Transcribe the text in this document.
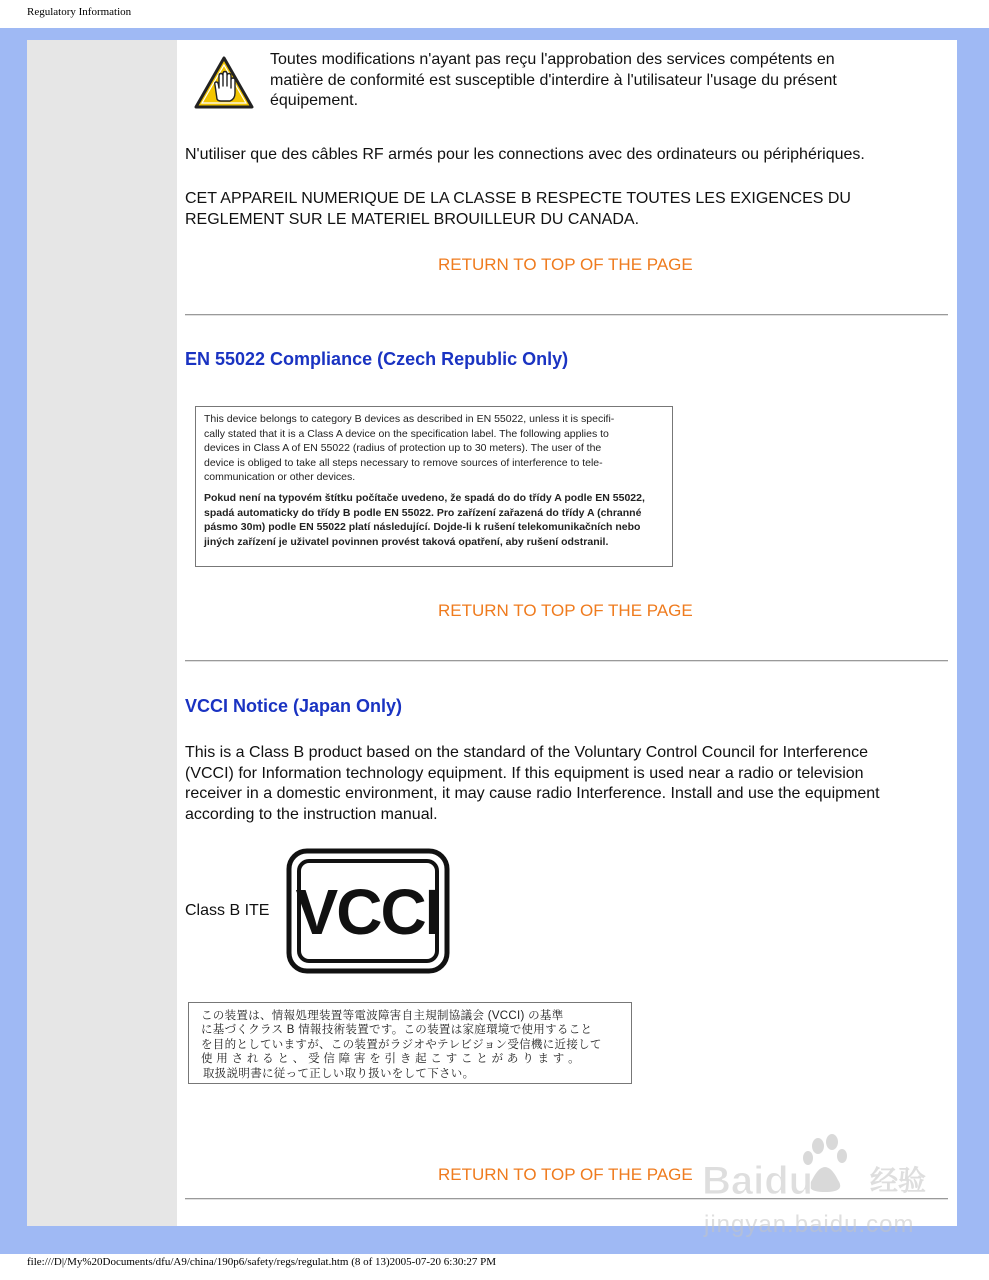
Regulatory Information
Toutes modifications n'ayant pas reçu l'approbation des services compétents en
matière de conformité est susceptible d'interdire à l'utilisateur l'usage du présent
équipement.
N'utiliser que des câbles RF armés pour les connections avec des ordinateurs ou périphériques.
CET APPAREIL NUMERIQUE DE LA CLASSE B RESPECTE TOUTES LES EXIGENCES DU
REGLEMENT SUR LE MATERIEL BROUILLEUR DU CANADA.
RETURN TO TOP OF THE PAGE
EN 55022 Compliance (Czech Republic Only)
This device belongs to category B devices as described in EN 55022, unless it is specifi-
cally stated that it is a Class A device on the specification label. The following applies to
devices in Class A of EN 55022 (radius of protection up to 30 meters). The user of the
device is obliged to take all steps necessary to remove sources of interference to tele-
communication or other devices.
Pokud není na typovém štítku počítače uvedeno, že spadá do do třídy A podle EN 55022,
spadá automaticky do třídy B podle EN 55022. Pro zařízení zařazená do třídy A (chranné
pásmo 30m) podle EN 55022 platí následující. Dojde-li k rušení telekomunikačních nebo
jiných zařízení je uživatel povinnen provést taková opatření, aby rušení odstranil.
RETURN TO TOP OF THE PAGE
VCCI Notice (Japan Only)
This is a Class B product based on the standard of the Voluntary Control Council for Interference
(VCCI) for Information technology equipment. If this equipment is used near a radio or television
receiver in a domestic environment, it may cause radio Interference. Install and use the equipment
according to the instruction manual.
Class B ITE VCCI
この装置は、情報処理装置等電波障害自主規制協議会 (VCCI) の基準
に基づくクラス B 情報技術装置です。この装置は家庭環境で使用すること
を目的としていますが、この装置がラジオやテレビジョン受信機に近接して
使 用 さ れ る と 、 受 信 障 害 を 引 き 起 こ す こ と が あ り ま す 。
取扱説明書に従って正しい取り扱いをして下さい。
RETURN TO TOP OF THE PAGE Baidu 经验
jingyan.baidu.com
file:///D|/My%20Documents/dfu/A9/china/190p6/safety/regs/regulat.htm (8 of 13)2005-07-20 6:30:27 PM
